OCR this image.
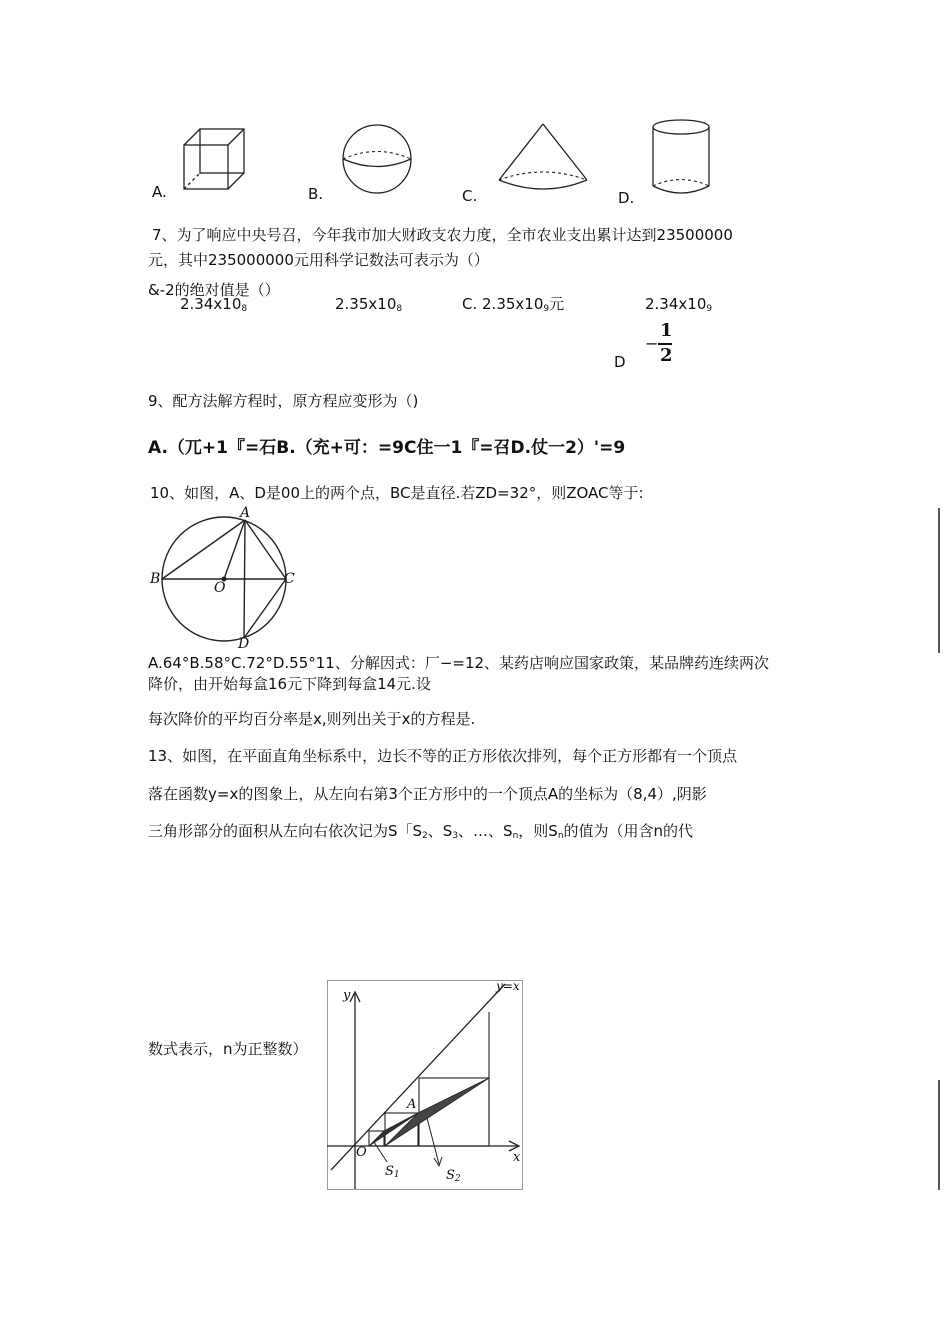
A.	B.	C.	D.
7、为了响应中央号召，今年我市加大财政支农力度，全市农业支出累计达到23500000
元，其中235000000元用科学记数法可表示为（）
&-2的绝对值是（）
$2.34x10_8$	$2.35x10_8$	C. $2.35x10_9$元	$2.34x10_9$
D
−
1
2
9、配方法解方程时，原方程应变形为（)
A.（兀+1『=石B.（充+可：=9C住一1『=召D.仗一2）'=9
10、如图，A、D是00上的两个点，BC是直径.若ZD=32°，则ZOAC等于:
A
B	C
O
D
A.64°B.58°C.72°D.55°11、分解因式：厂−=12、某药店响应国家政策，某品牌药连续两次
降价，由开始每盒16元下降到每盒14元.设
每次降价的平均百分率是x,则列出关于x的方程是.
13、如图，在平面直角坐标系中，边长不等的正方形依次排列，每个正方形都有一个顶点
落在函数y=x的图象上，从左向右第3个正方形中的一个顶点A的坐标为（8,4）,阴影
三角形部分的面积从左向右依次记为S「$S_2$、$S_3$、…、$S_n$，则$S_n$的值为（用含n的代
数式表示，n为正整数）
y
y=x
A
O	x
$S_1$	$S_2$
